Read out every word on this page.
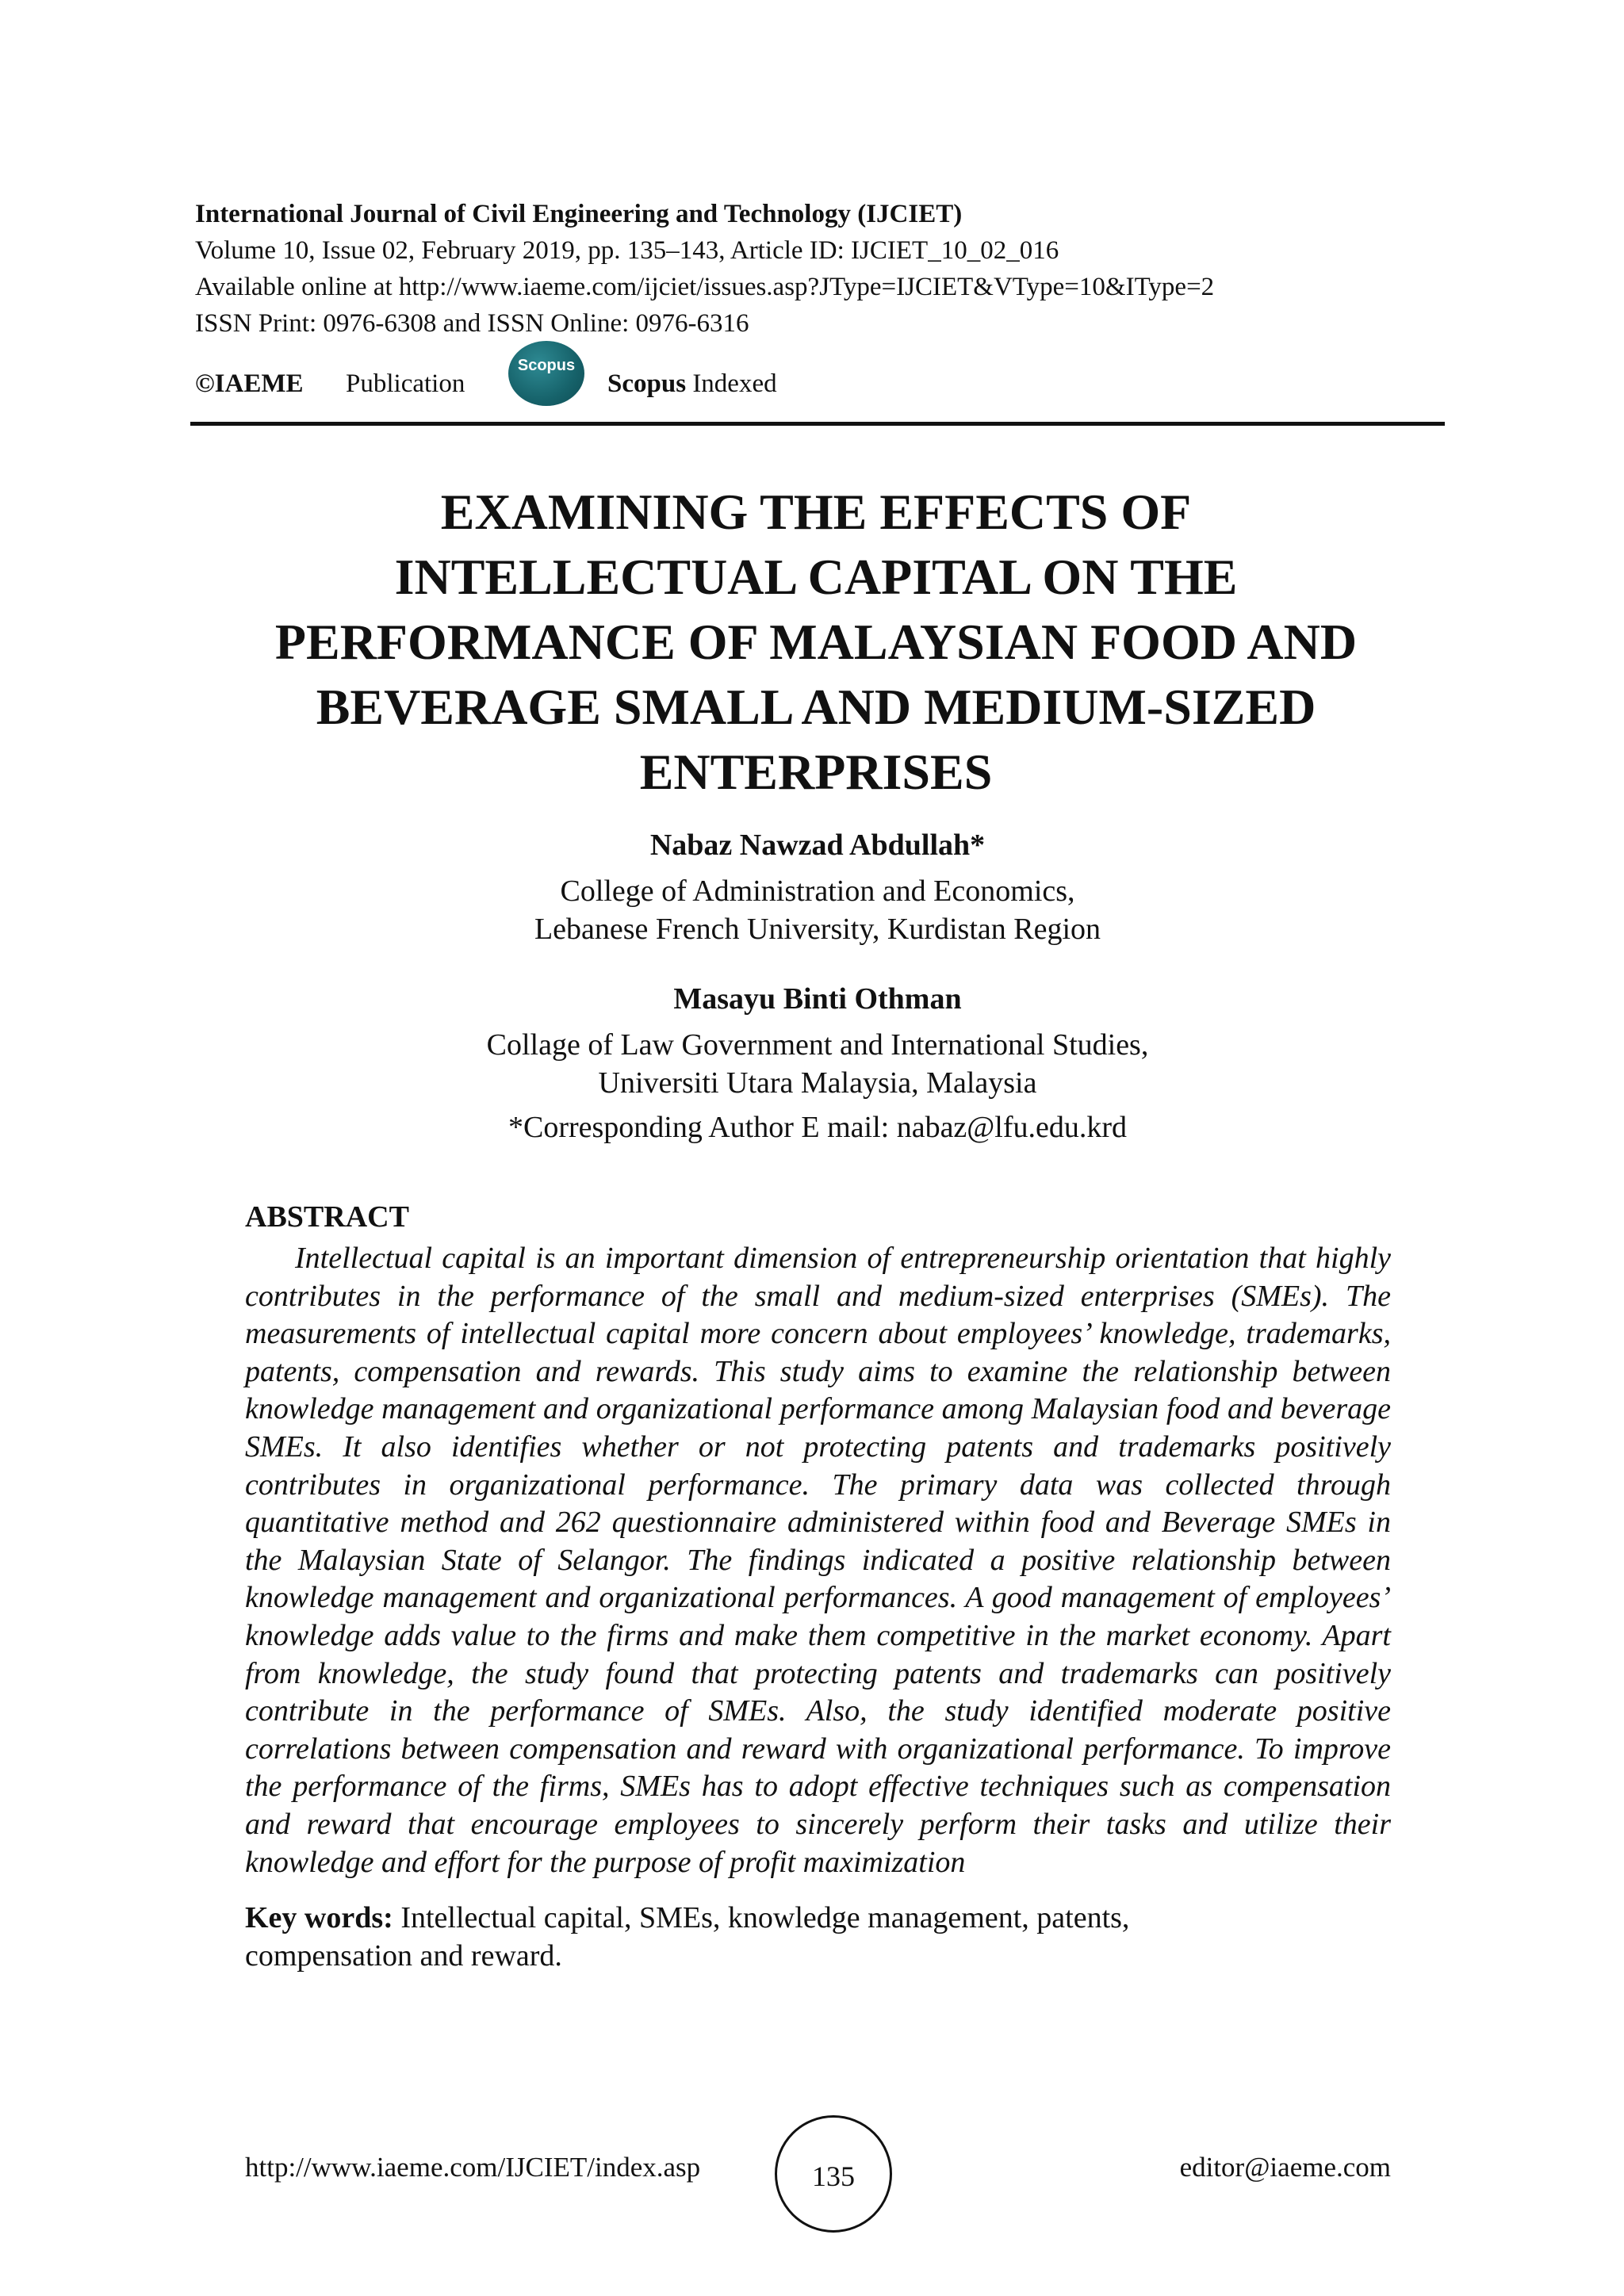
International Journal of Civil Engineering and Technology (IJCIET)
Volume 10, Issue 02, February 2019, pp. 135–143, Article ID: IJCIET_10_02_016
Available online at http://www.iaeme.com/ijciet/issues.asp?JType=IJCIET&VType=10&IType=2
ISSN Print: 0976-6308 and ISSN Online: 0976-6316
©IAEME Publication
Scopus
Scopus Indexed
EXAMINING THE EFFECTS OF
INTELLECTUAL CAPITAL ON THE
PERFORMANCE OF MALAYSIAN FOOD AND
BEVERAGE SMALL AND MEDIUM-SIZED
ENTERPRISES
Nabaz Nawzad Abdullah*
College of Administration and Economics,
Lebanese French University, Kurdistan Region
Masayu Binti Othman
Collage of Law Government and International Studies,
Universiti Utara Malaysia, Malaysia
*Corresponding Author E mail: nabaz@lfu.edu.krd
ABSTRACT

Intellectual capital is an important dimension of entrepreneurship orientation that highly contributes in the performance of the small and medium-sized enterprises (SMEs). The measurements of intellectual capital more concern about employees’ knowledge, trademarks, patents, compensation and rewards. This study aims to examine the relationship between knowledge management and organizational performance among Malaysian food and beverage SMEs. It also identifies whether or not protecting patents and trademarks positively contributes in organizational performance. The primary data was collected through quantitative method and 262 questionnaire administered within food and Beverage SMEs in the Malaysian State of Selangor. The findings indicated a positive relationship between knowledge management and organizational performances. A good management of employees’ knowledge adds value to the firms and make them competitive in the market economy. Apart from knowledge, the study found that protecting patents and trademarks can positively contribute in the performance of SMEs. Also, the study identified moderate positive correlations between compensation and reward with organizational performance. To improve the performance of the firms, SMEs has to adopt effective techniques such as compensation and reward that encourage employees to sincerely perform their tasks and utilize their knowledge and effort for the purpose of profit maximization

Key words: Intellectual capital, SMEs, knowledge management, patents,
compensation and reward.
http://www.iaeme.com/IJCIET/index.asp	135	editor@iaeme.com
